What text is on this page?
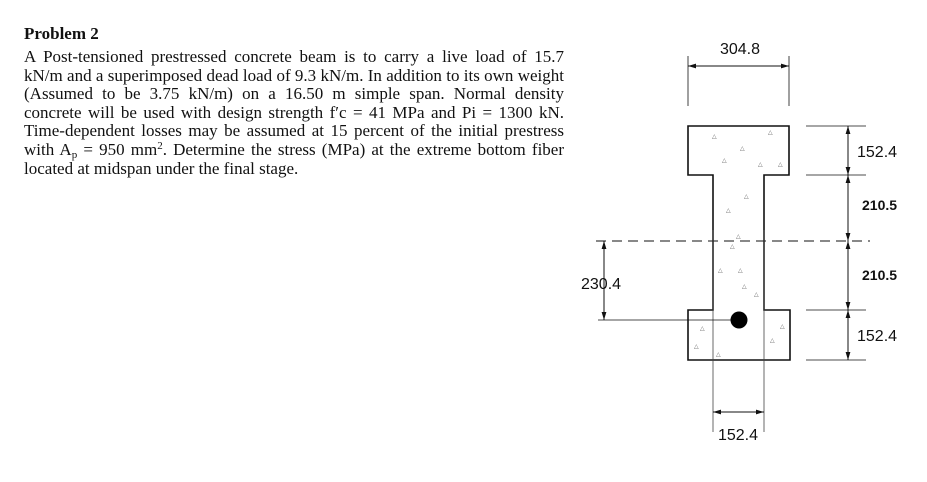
Problem 2

A Post-tensioned prestressed concrete beam is to carry a live load of 15.7 kN/m and a superimposed dead load of 9.3 kN/m. In addition to its own weight (Assumed to be 3.75 kN/m) on a 16.50 m simple span. Normal density concrete will be used with design strength f′c = 41 MPa and Pi = 1300 kN. Time-dependent losses may be assumed at 15 percent of the initial prestress with $A_p = 950$ $mm^2$. Determine the stress (MPa) at the extreme bottom fiber located at midspan under the final stage.

△
△
△
△
△	△
△
△
△
△
△	△
△
△
△	△
△
△
△
304.8
152.4
210.5
210.5
152.4
230.4
152.4
